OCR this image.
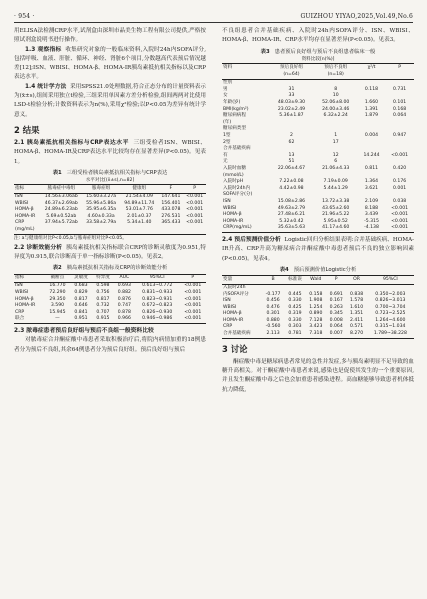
· 954 ·	GUIZHOU YIYAO,2025,Vol.49,No.6

用ELISA法检测CRP水平,试剂盒由深圳市晶美生物工程有限公司提供,严格按照试剂盒说明书进行操作。

1.3 观察指标 收集研究对象的一般临床资料,入院时24h内SOFA评分,包括呼吸、血液、肝脏、循环、神经、肾脏6个项目,分数越高代表预后情况越差[12];ISN、WBISI、HOMA-β、HOMA-IR胰岛素抵抗相关指标以及CRP表达水平。

1.4 统计学方法 采用SPSS21.0处理数据,符合正态分布的计量资料表示为(x̄±s),组间采用独立t检验,三组采用单因素方差分析检验,组间两两对比使用LSD-t检验分析;计数资料表示为n(%),采用χ²检验;以P<0.05为差异有统计学意义。

2 结果

2.1 胰岛素抵抗相关指标与CRP表达水平 三组受检者ISN、WBISI、HOMA-β、HOMA-IR及CRP表达水平比较均存在显著差异(P<0.05)。见表1。

表1 三组受检者胰岛素抵抗相关指标与CRP表达
水平对比[(x̄±s),n=82]
指标	脓毒症中毒组	脓毒症组	健康组	F	P
ISN	14.56±3.06ab	15.60±3.27a	21.54±4.09	147.641	<0.001
WBISI	46.37±2.69ab	55.96±5.86a	94.89±11.74	156.401	<0.001
HOMA-β	24.89±6.23ab	35.95±6.35a	53.01±7.76	433.078	<0.001
HOMA-IR	5.69±0.52ab	4.60±0.33a	2.01±0.37	276.531	<0.001
CRP	37.94±5.72ab	33.58±2.79a	5.34±1.40	365.433	<0.001
(mg/mL)					
注: a与健康组对比P<0.05,b与脓毒症组对比P<0.05。

2.2 诊断效能分析 胰岛素抵抗相关指标联合CRP的诊断灵敏度为0.951,特异度为0.915,联合诊断高于单一指标诊断(P<0.05)。见表2。

表2 胰岛素抵抗相关指标及CRP的诊断效能分析
指标	截断点	灵敏度	特异度	AUC	95%CI	P
ISN	16.770	0.683	0.598	0.693	0.613~0.772	<0.001
WBISI	72.290	0.829	0.756	0.882	0.831~0.933	<0.001
HOMA-β	29.350	0.817	0.817	0.876	0.823~0.931	<0.001
HOMA-IR	3.590	0.646	0.732	0.747	0.672~0.823	<0.001
CRP	15.945	0.841	0.707	0.878	0.826~0.930	<0.001
联合	—	0.951	0.915	0.966	0.946~0.986	<0.001

2.3 脓毒症患者预后良好组与预后不良组一般资料比较

对脓毒症合并酮症酸中毒患者采取积极治疗后,将院内病情加重的18例患者分为预后不良组,其余64例患者分为预后良好组。预后良好组与预后

不良组患者合并基础疾病、入院时24h内SOFA评分、ISN、WBISI、HOMA-β、HOMA-IR、CRP水平均存在显著差异(P<0.05)。见表3。

表3 患者预后良好组与预后不良组患者临床一般
资料比较[n(%)]
资料	预后良好组	预后不良组	χ²/t	P
	(n=64)	(n=18)		
性别				
男	31	8	0.118	0.731
女	33	10		
年龄(岁)	48.03±9.30	52.06±8.00	1.660	0.101
BMI(kg/m²)	23.02±2.49	24.00±3.46	1.391	0.168
糖尿病病程	5.36±1.87	6.32±2.24	1.879	0.064
(年)				
糖尿病类型				
1型	2	1	0.004	0.947
2型	62	17		
合并基础疾病				
有	13	12	14.244	<0.001
无	51	6		
入院时血糖	22.06±4.67	21.06±4.33	0.811	0.420
(mmol/L)				
入院时pH	7.22±0.08	7.19±0.09	1.364	0.176
入院时24h内	4.42±0.98	5.44±1.29	3.621	0.001
SOFA评分(分)				
ISN	15.08±2.86	13.72±3.38	2.109	0.038
WBISI	49.63±2.79	43.65±2.60	8.188	<0.001
HOMA-β	27.48±6.21	21.96±5.22	3.439	<0.001
HOMA-IR	5.32±0.42	5.95±0.52	-5.315	<0.001
CRP(mg/mL)	35.63±5.63	41.17±4.60	-4.138	<0.001

2.4 预后预测价值分析 Logistic回归分析结果表明:合并基础疾病、HOMA-IR升高、CRP升高为糖尿病合并酮症酸中毒患者预后不良的独立影响因素(P<0.05)。见表4。

表4 预后预测价值Logistic分析
变量	B	标准误	Wald	P	OR	95%CI
入院时24h						
内SOFA评分	-0.177	0.445	0.158	0.691	0.838	0.350~2.003
ISN	0.456	0.330	1.908	0.167	1.578	0.826~3.013
WBISI	0.476	0.425	1.254	0.263	1.610	0.700~3.704
HOMA-β	0.301	0.319	0.890	0.345	1.351	0.723~2.525
HOMA-IR	0.880	0.330	7.128	0.008	2.411	1.264~4.600
CRP	-0.560	0.303	3.423	0.064	0.571	0.315~1.034
合并基础疾病	2.113	0.781	7.318	0.007	8.270	1.789~38.228
3 讨论

酮症酸中毒是糖尿病患者常见的急性并发症,多与胰岛素明显不足导致的血糖升高相关。对于酮症酸中毒患者来说,感染也是促使其发生的一个重要原因,并且发生酮症酸中毒之后也会加重患者感染进程。高血糖能够导致患者机体抵抗力降低,
